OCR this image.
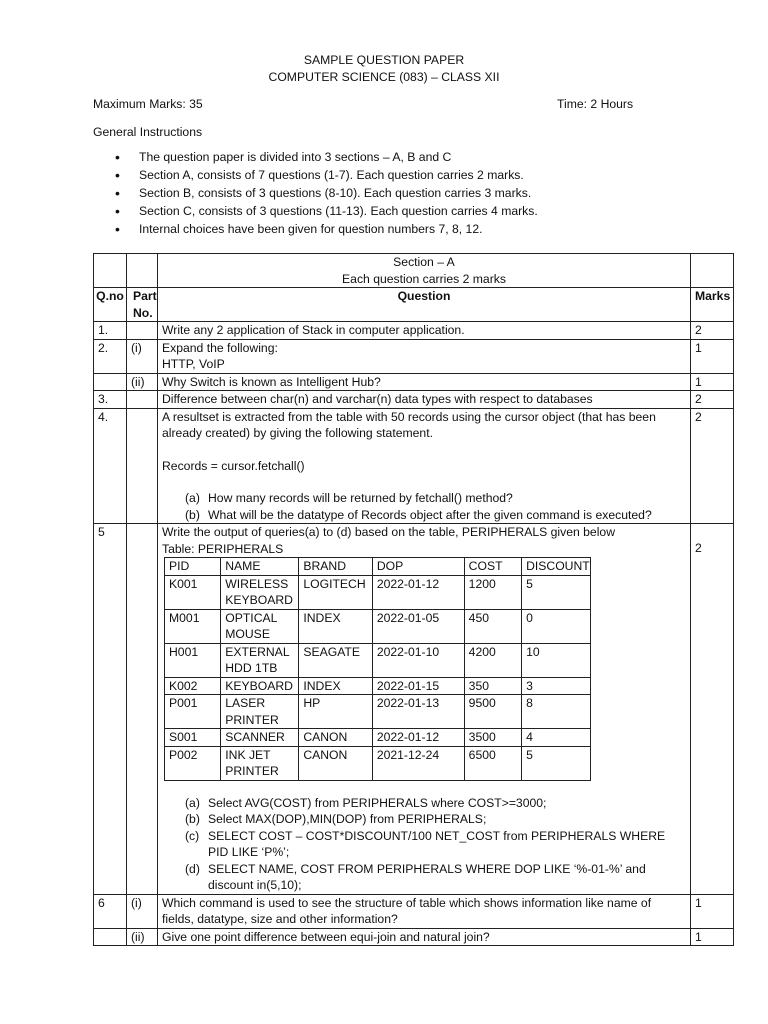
SAMPLE QUESTION PAPER
COMPUTER SCIENCE (083) – CLASS XII
Maximum Marks: 35	Time: 2 Hours
General Instructions
• The question paper is divided into 3 sections – A, B and C
• Section A, consists of 7 questions (1-7). Each question carries 2 marks.
• Section B, consists of 3 questions (8-10). Each question carries 3 marks.
• Section C, consists of 3 questions (11-13). Each question carries 4 marks.
• Internal choices have been given for question numbers 7, 8, 12.

Section – A
Each question carries 2 marks

Q.no	Part No.	Question	Marks
1.		Write any 2 application of Stack in computer application.	2
2.	(i)	Expand the following:
HTTP, VoIP
	1
	(ii)	Why Switch is known as Intelligent Hub?	1
3.		Difference between char(n) and varchar(n) data types with respect to databases	2
4.		A resultset is extracted from the table with 50 records using the cursor object (that has been already created) by giving the following statement.
Records = cursor.fetchall()
(a) How many records will be returned by fetchall() method?
(b) What will be the datatype of Records object after the given command is executed?
	2
5		Write the output of queries(a) to (d) based on the table, PERIPHERALS given below
Table: PERIPHERALS
PID	NAME	BRAND	DOP	COST	DISCOUNT
K001	WIRELESS KEYBOARD	LOGITECH	2022-01-12	1200	5
M001	OPTICAL MOUSE	INDEX	2022-01-05	450	0
H001	EXTERNAL HDD 1TB	SEAGATE	2022-01-10	4200	10
K002	KEYBOARD	INDEX	2022-01-15	350	3
P001	LASER PRINTER	HP	2022-01-13	9500	8
S001	SCANNER	CANON	2022-01-12	3500	4
P002	INK JET PRINTER	CANON	2021-12-24	6500	5
(a) Select AVG(COST) from PERIPHERALS where COST>=3000;
(b) Select MAX(DOP),MIN(DOP) from PERIPHERALS;
(c) SELECT COST – COST*DISCOUNT/100 NET_COST from PERIPHERALS WHERE PID LIKE ‘P%’;
(d) SELECT NAME, COST FROM PERIPHERALS WHERE DOP LIKE ‘%-01-%’ and discount in(5,10);

2

6	(i)	Which command is used to see the structure of table which shows information like name of fields, datatype, size and other information?	1
	(ii)	Give one point difference between equi-join and natural join?	1
